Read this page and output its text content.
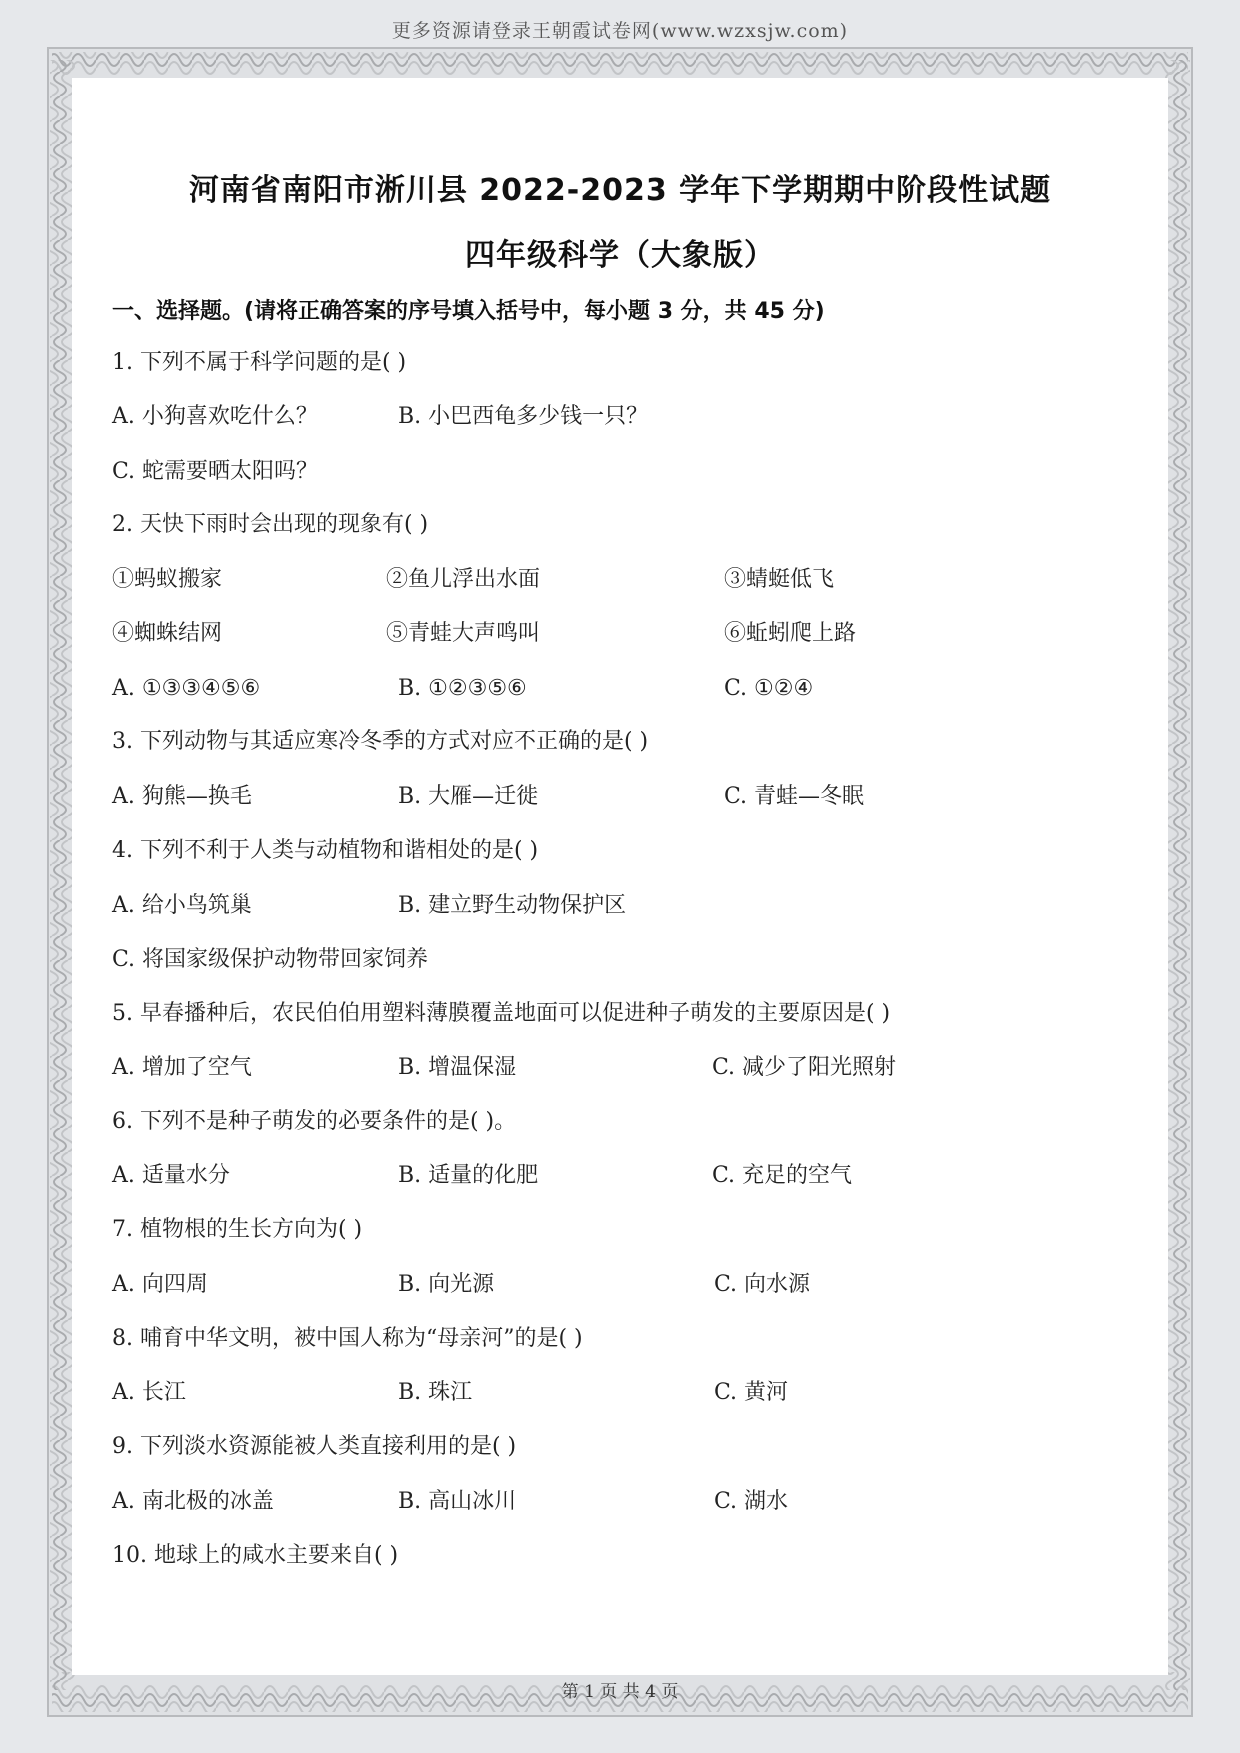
更多资源请登录王朝霞试卷网(www.wzxsjw.com)
河南省南阳市淅川县 2022-2023 学年下学期期中阶段性试题
四年级科学（大象版）
一、选择题。(请将正确答案的序号填入括号中，每小题 3 分，共 45 分)
1. 下列不属于科学问题的是( )
A. 小狗喜欢吃什么？	B. 小巴西龟多少钱一只？
C. 蛇需要晒太阳吗？
2. 天快下雨时会出现的现象有( )
①蚂蚁搬家	②鱼儿浮出水面	③蜻蜓低飞
④蜘蛛结网	⑤青蛙大声鸣叫	⑥蚯蚓爬上路
A. ①③③④⑤⑥	B. ①②③⑤⑥	C. ①②④
3. 下列动物与其适应寒冷冬季的方式对应不正确的是( )
A. 狗熊—换毛	B. 大雁—迁徙	C. 青蛙—冬眠
4. 下列不利于人类与动植物和谐相处的是( )
A. 给小鸟筑巢	B. 建立野生动物保护区
C. 将国家级保护动物带回家饲养
5. 早春播种后，农民伯伯用塑料薄膜覆盖地面可以促进种子萌发的主要原因是( )
A. 增加了空气	B. 增温保湿	C. 减少了阳光照射
6. 下列不是种子萌发的必要条件的是( )。
A. 适量水分	B. 适量的化肥	C. 充足的空气
7. 植物根的生长方向为( )
A. 向四周	B. 向光源	C. 向水源
8. 哺育中华文明，被中国人称为“母亲河”的是( )
A. 长江	B. 珠江	C. 黄河
9. 下列淡水资源能被人类直接利用的是( )
A. 南北极的冰盖	B. 高山冰川	C. 湖水
10. 地球上的咸水主要来自( )
第 1 页 共 4 页
